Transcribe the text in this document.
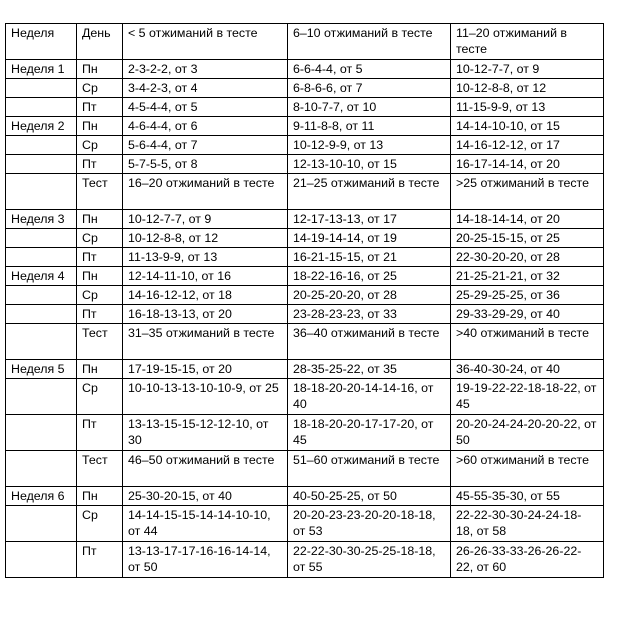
Неделя	День	< 5 отжиманий в тесте	6–10 отжиманий в тесте	11–20 отжиманий в тесте
Неделя 1	Пн	2-3-2-2, от 3	6-6-4-4, от 5	10-12-7-7, от 9
	Ср	3-4-2-3, от 4	6-8-6-6, от 7	10-12-8-8, от 12
	Пт	4-5-4-4, от 5	8-10-7-7, от 10	11-15-9-9, от 13
Неделя 2	Пн	4-6-4-4, от 6	9-11-8-8, от 11	14-14-10-10, от 15
	Ср	5-6-4-4, от 7	10-12-9-9, от 13	14-16-12-12, от 17
	Пт	5-7-5-5, от 8	12-13-10-10, от 15	16-17-14-14, от 20
	Тест	16–20 отжиманий в тесте	21–25 отжиманий в тесте	>25 отжиманий в тесте
Неделя 3	Пн	10-12-7-7, от 9	12-17-13-13, от 17	14-18-14-14, от 20
	Ср	10-12-8-8, от 12	14-19-14-14, от 19	20-25-15-15, от 25
	Пт	11-13-9-9, от 13	16-21-15-15, от 21	22-30-20-20, от 28
Неделя 4	Пн	12-14-11-10, от 16	18-22-16-16, от 25	21-25-21-21, от 32
	Ср	14-16-12-12, от 18	20-25-20-20, от 28	25-29-25-25, от 36
	Пт	16-18-13-13, от 20	23-28-23-23, от 33	29-33-29-29, от 40
	Тест	31–35 отжиманий в тесте	36–40 отжиманий в тесте	>40 отжиманий в тесте
Неделя 5	Пн	17-19-15-15, от 20	28-35-25-22, от 35	36-40-30-24, от 40
	Ср	10-10-13-13-10-10-9, от 25	18-18-20-20-14-14-16, от 40	19-19-22-22-18-18-22, от 45
	Пт	13-13-15-15-12-12-10, от 30	18-18-20-20-17-17-20, от 45	20-20-24-24-20-20-22, от 50
	Тест	46–50 отжиманий в тесте	51–60 отжиманий в тесте	>60 отжиманий в тесте
Неделя 6	Пн	25-30-20-15, от 40	40-50-25-25, от 50	45-55-35-30, от 55
	Ср	14-14-15-15-14-14-10-10, от 44	20-20-23-23-20-20-18-18, от 53	22-22-30-30-24-24-18-18, от 58
	Пт	13-13-17-17-16-16-14-14, от 50	22-22-30-30-25-25-18-18, от 55	26-26-33-33-26-26-22-22, от 60
